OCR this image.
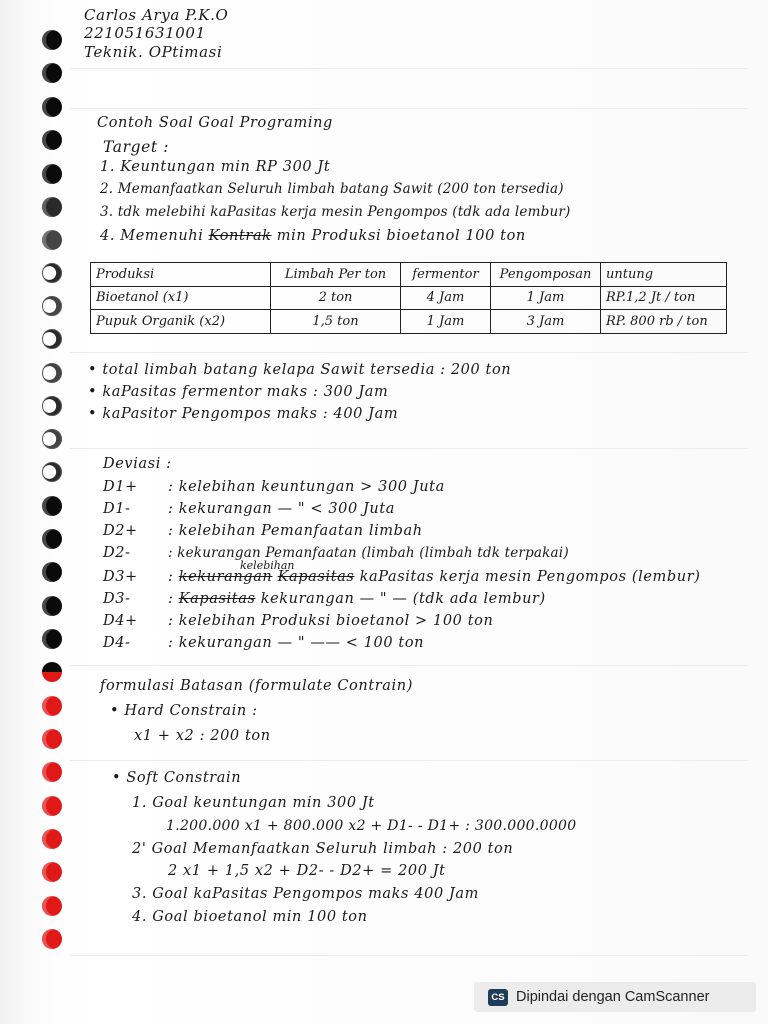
Carlos Arya P.K.O
221051631001
Teknik. OPtimasi
Contoh Soal Goal Programing
Target :
1. Keuntungan min RP 300 Jt
2. Memanfaatkan Seluruh limbah batang Sawit (200 ton tersedia)
3. tdk melebihi kaPasitas kerja mesin Pengompos (tdk ada lembur)
4. Memenuhi Kontrak min Produksi bioetanol 100 ton
Produksi	Limbah Per ton	fermentor	Pengomposan	untung
Bioetanol (x1)	2 ton	4 Jam	1 Jam	RP.1,2 Jt / ton
Pupuk Organik (x2)	1,5 ton	1 Jam	3 Jam	RP. 800 rb / ton
• total limbah batang kelapa Sawit tersedia : 200 ton
• kaPasitas fermentor maks : 300 Jam
• kaPasitor Pengompos maks : 400 Jam
Deviasi :
D1+ : kelebihan keuntungan > 300 Juta
D1-	: kekurangan — " < 300 Juta
D2+ : kelebihan Pemanfaatan limbah
D2-	: kekurangan Pemanfaatan (limbah (limbah tdk terpakai)
kelebihan
D3+ : kekurangan Kapasitas kaPasitas kerja mesin Pengompos (lembur)
D3-	: Kapasitas kekurangan — " — (tdk ada lembur)
D4+ : kelebihan Produksi bioetanol > 100 ton
D4-	: kekurangan — " —— < 100 ton
formulasi Batasan (formulate Contrain)
• Hard Constrain :
x1 + x2 : 200 ton
• Soft Constrain
1. Goal keuntungan min 300 Jt
1.200.000 x1 + 800.000 x2 + D1- - D1+ : 300.000.0000
2' Goal Memanfaatkan Seluruh limbah : 200 ton
2 x1 + 1,5 x2 + D2- - D2+ = 200 Jt
3. Goal kaPasitas Pengompos maks 400 Jam
4. Goal bioetanol min 100 ton
CS Dipindai dengan CamScanner
